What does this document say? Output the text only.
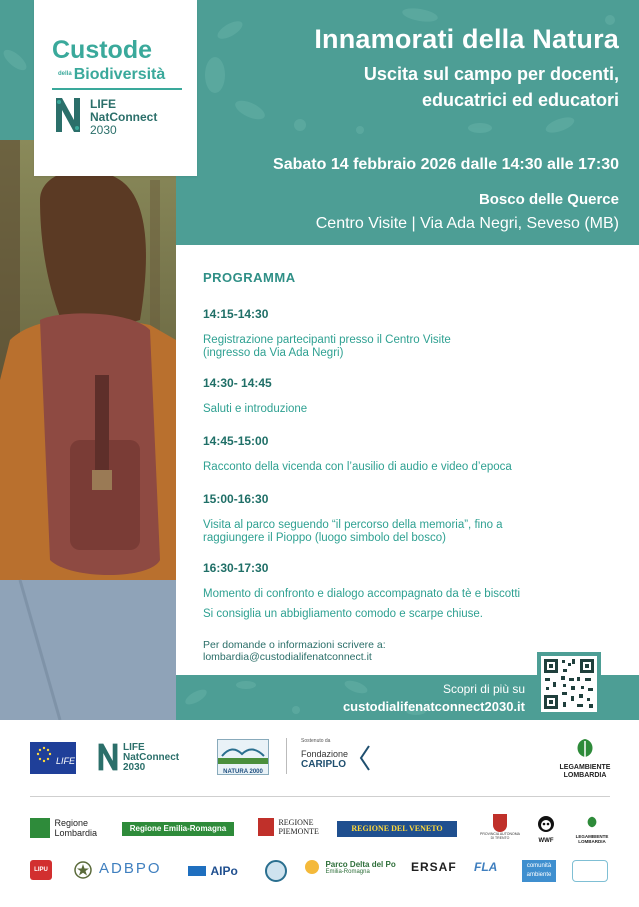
Innamorati della Natura
Uscita sul campo per docenti,
educatrici ed educatori
Custode
$^{della}$ Biodiversità
LIFE
NatConnect
2030
Sabato 14 febbraio 2026 dalle 14:30 alle 17:30
Bosco delle Querce
Centro Visite | Via Ada Negri, Seveso (MB)
PROGRAMMA
14:15-14:30
Registrazione partecipanti presso il Centro Visite
(ingresso da Via Ada Negri)
14:30- 14:45
Saluti e introduzione
14:45-15:00
Racconto della vicenda con l’ausilio di audio e video d’epoca
15:00-16:30
Visita al parco seguendo “il percorso della memoria”, fino a
raggiungere il Pioppo (luogo simbolo del bosco)
16:30-17:30
Momento di confronto e dialogo accompagnato da tè e biscotti
Si consiglia un abbigliamento comodo e scarpe chiuse.
Per domande o informazioni scrivere a:
lombardia@custodialifenatconnect.it
Scopri di più su
custodialifenatconnect2030.it
LIFE
LIFE NatConnect 2030	NATURA 2000
Sostenuto da
Fondazione
CARIPLO	LEGAMBIENTE LOMBARDIA
Regione Lombardia	Regione Emilia-Romagna
REGIONE PIEMONTE	REGIONE DEL VENETO
PROVINCIA AUTONOMA DI TRENTO	WWF
LEGAMBIENTE LOMBARDIA
LIPU	ADBPO	AIPo
	Parco Delta del Po
Emilia-Romagna	ERSAF FLA	comunità
ambiente
